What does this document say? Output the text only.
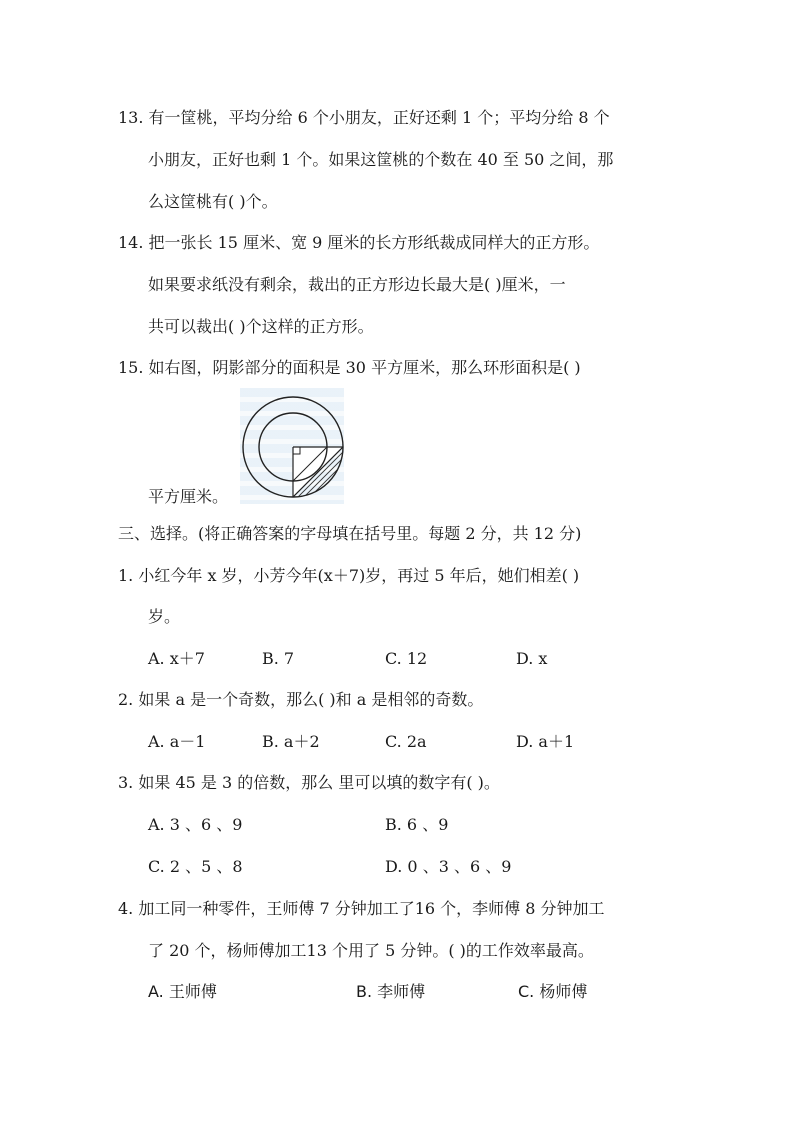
13. 有一筐桃，平均分给 6 个小朋友，正好还剩 1 个；平均分给 8 个
小朋友，正好也剩 1 个。如果这筐桃的个数在 40 至 50 之间，那
么这筐桃有( )个。
14. 把一张长 15 厘米、宽 9 厘米的长方形纸裁成同样大的正方形。
如果要求纸没有剩余，裁出的正方形边长最大是( )厘米，一
共可以裁出( )个这样的正方形。
15. 如右图，阴影部分的面积是 30 平方厘米，那么环形面积是( )
平方厘米。
三、选择。(将正确答案的字母填在括号里。每题 2 分，共 12 分)
1. 小红今年 x 岁，小芳今年(x＋7)岁，再过 5 年后，她们相差( )
岁。
A. x＋7	B. 7	C. 12	D. x
2. 如果 a 是一个奇数，那么( )和 a 是相邻的奇数。
A. a－1	B. a＋2	C. 2a	D. a＋1
3. 如果 45 是 3 的倍数，那么 里可以填的数字有( )。
A. 3 、6 、9	B. 6 、9
C. 2 、5 、8	D. 0 、3 、6 、9
4. 加工同一种零件，王师傅 7 分钟加工了16 个，李师傅 8 分钟加工
了 20 个，杨师傅加工13 个用了 5 分钟。( )的工作效率最高。
A. 王师傅	B. 李师傅	C. 杨师傅
